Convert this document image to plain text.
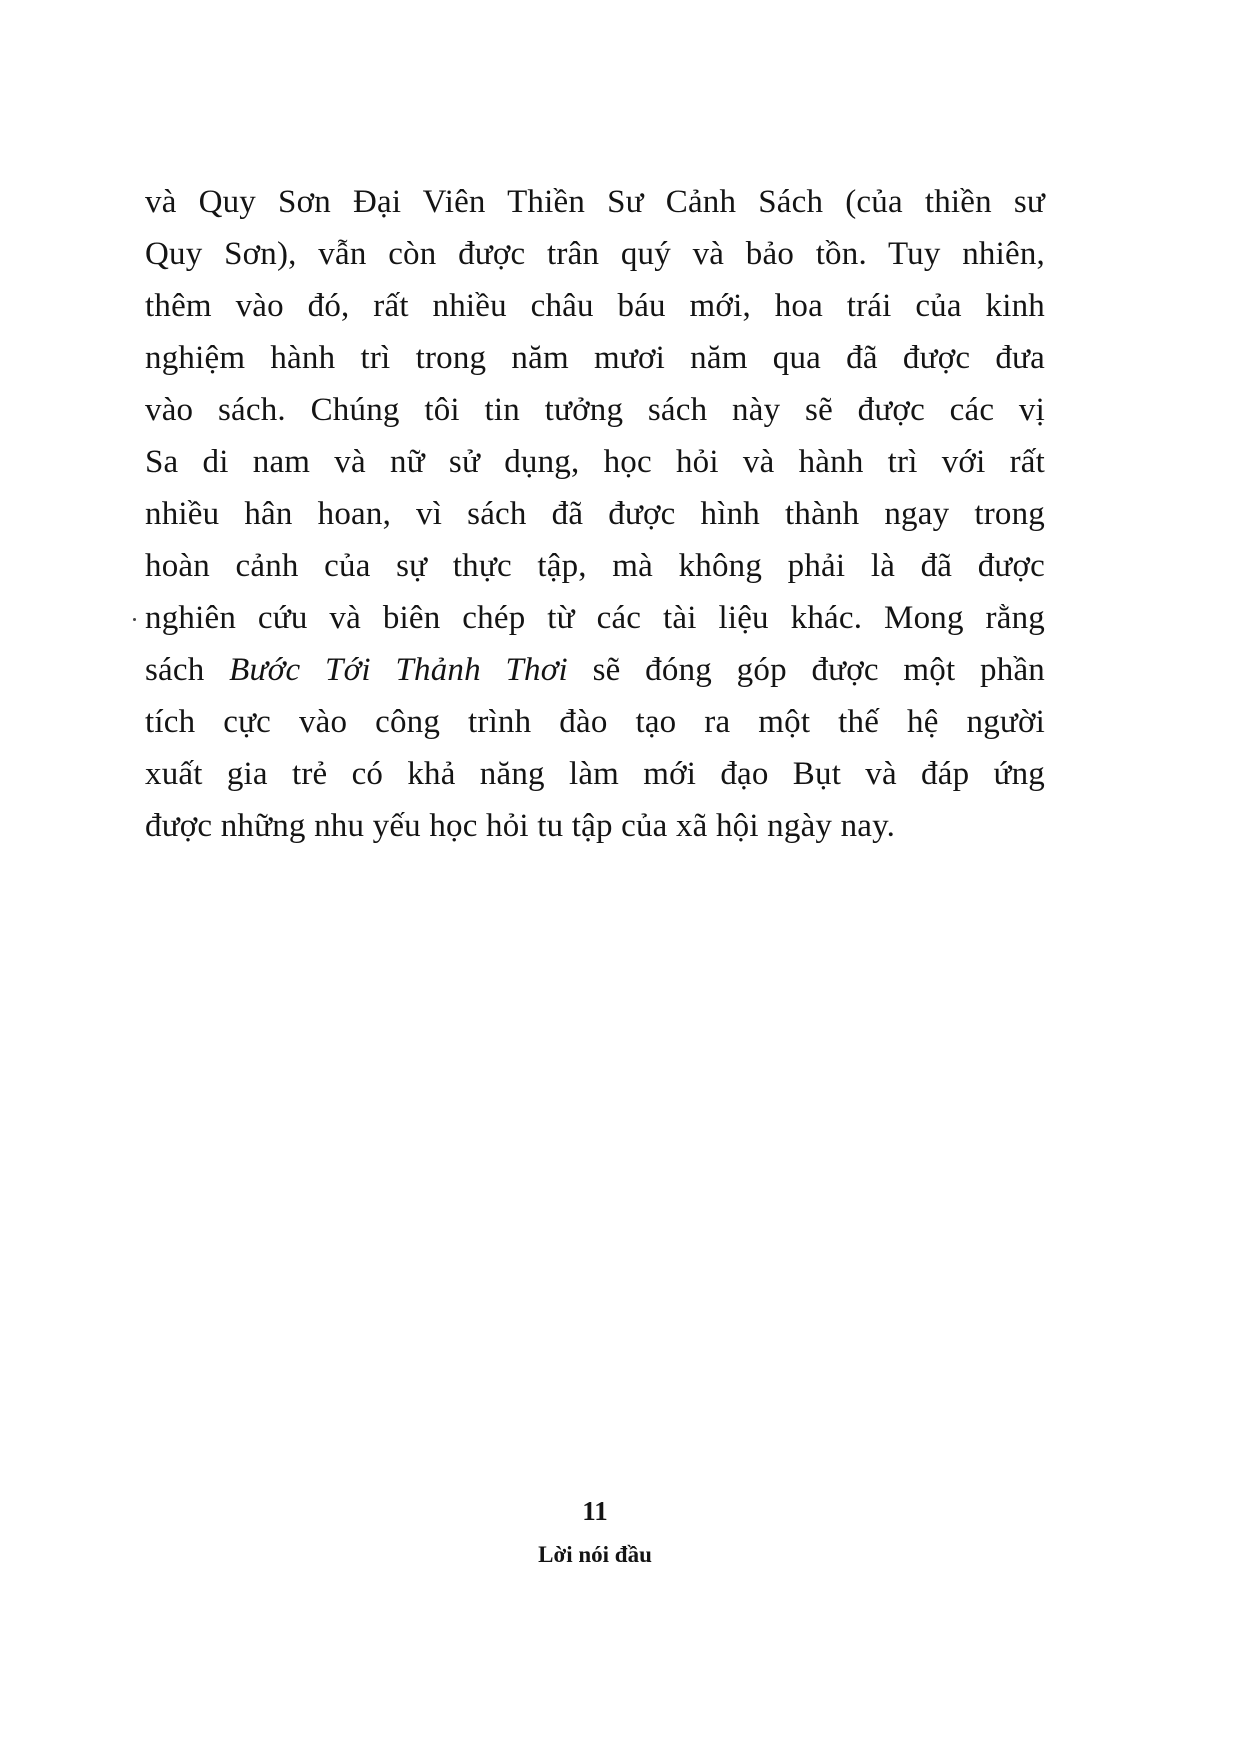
và Quy Sơn Đại Viên Thiền Sư Cảnh Sách (của thiền sư
Quy Sơn), vẫn còn được trân quý và bảo tồn. Tuy nhiên,
thêm vào đó, rất nhiều châu báu mới, hoa trái của kinh
nghiệm hành trì trong năm mươi năm qua đã được đưa
vào sách. Chúng tôi tin tưởng sách này sẽ được các vị
Sa di nam và nữ sử dụng, học hỏi và hành trì với rất
nhiều hân hoan, vì sách đã được hình thành ngay trong
hoàn cảnh của sự thực tập, mà không phải là đã được
nghiên cứu và biên chép từ các tài liệu khác. Mong rằng
sách Bước Tới Thảnh Thơi sẽ đóng góp được một phần
tích cực vào công trình đào tạo ra một thế hệ người
xuất gia trẻ có khả năng làm mới đạo Bụt và đáp ứng
được những nhu yếu học hỏi tu tập của xã hội ngày nay.
11
Lời nói đầu
